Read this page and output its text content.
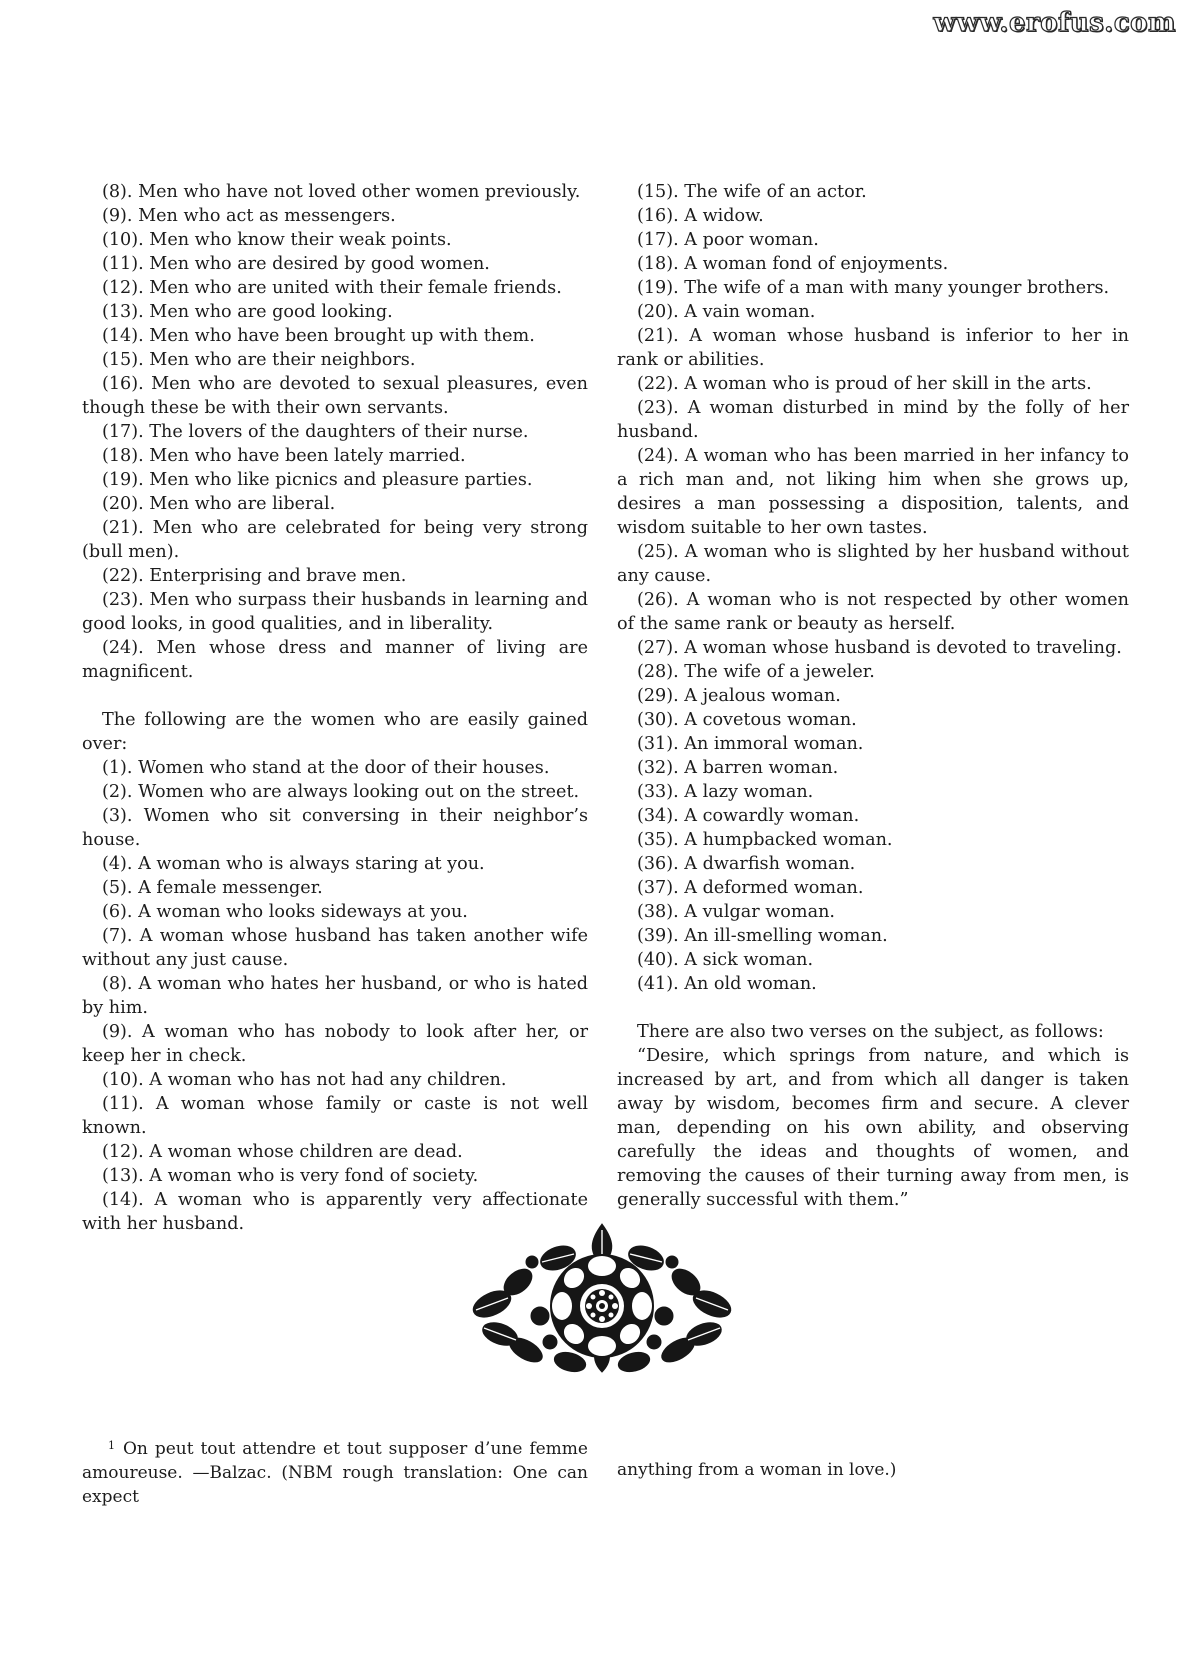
www.erofus.com

(8). Men who have not loved other women previously.

(9). Men who act as messengers.

(10). Men who know their weak points.

(11). Men who are desired by good women.

(12). Men who are united with their female friends.

(13). Men who are good looking.

(14). Men who have been brought up with them.

(15). Men who are their neighbors.

(16). Men who are devoted to sexual pleasures, even though these be with their own servants.

(17). The lovers of the daughters of their nurse.

(18). Men who have been lately married.

(19). Men who like picnics and pleasure parties.

(20). Men who are liberal.

(21). Men who are celebrated for being very strong (bull men).

(22). Enterprising and brave men.

(23). Men who surpass their husbands in learning and good looks, in good qualities, and in liberality.

(24). Men whose dress and manner of living are magnificent.

The following are the women who are easily gained over:

(1). Women who stand at the door of their houses.

(2). Women who are always looking out on the street.

(3). Women who sit conversing in their neighbor’s house.

(4). A woman who is always staring at you.

(5). A female messenger.

(6). A woman who looks sideways at you.

(7). A woman whose husband has taken another wife without any just cause.

(8). A woman who hates her husband, or who is hated by him.

(9). A woman who has nobody to look after her, or keep her in check.

(10). A woman who has not had any children.

(11). A woman whose family or caste is not well known.

(12). A woman whose children are dead.

(13). A woman who is very fond of society.

(14). A woman who is apparently very affectionate with her husband.

(15). The wife of an actor.

(16). A widow.

(17). A poor woman.

(18). A woman fond of enjoyments.

(19). The wife of a man with many younger brothers.

(20). A vain woman.

(21). A woman whose husband is inferior to her in rank or abilities.

(22). A woman who is proud of her skill in the arts.

(23). A woman disturbed in mind by the folly of her husband.

(24). A woman who has been married in her infancy to a rich man and, not liking him when she grows up, desires a man possessing a disposition, talents, and wisdom suitable to her own tastes.

(25). A woman who is slighted by her husband without any cause.

(26). A woman who is not respected by other women of the same rank or beauty as herself.

(27). A woman whose husband is devoted to traveling.

(28). The wife of a jeweler.

(29). A jealous woman.

(30). A covetous woman.

(31). An immoral woman.

(32). A barren woman.

(33). A lazy woman.

(34). A cowardly woman.

(35). A humpbacked woman.

(36). A dwarfish woman.

(37). A deformed woman.

(38). A vulgar woman.

(39). An ill-smelling woman.

(40). A sick woman.

(41). An old woman.

There are also two verses on the subject, as follows:

“Desire, which springs from nature, and which is increased by art, and from which all danger is taken away by wisdom, becomes firm and secure. A clever man, depending on his own ability, and observing carefully the ideas and thoughts of women, and removing the causes of their turning away from men, is generally successful with them.”

$^1$ On peut tout attendre et tout supposer d’une femme amoureuse. —Balzac. (NBM rough translation: One can expect

anything from a woman in love.)
